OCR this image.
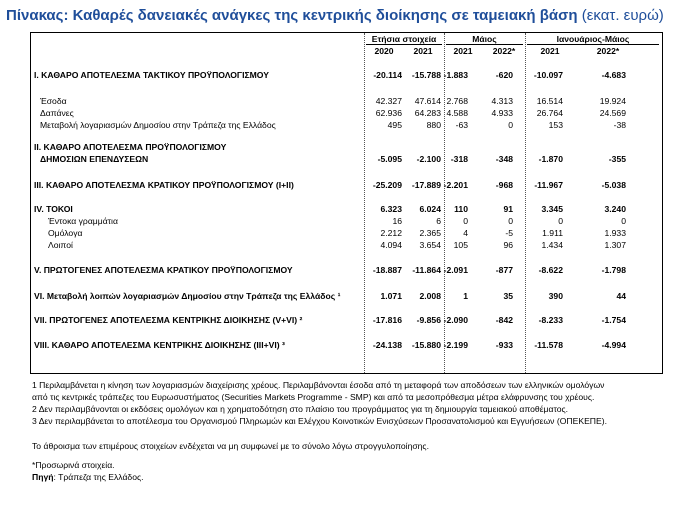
Πίνακας: Καθαρές δανειακές ανάγκες της κεντρικής διοίκησης σε ταμειακή βάση (εκατ. ευρώ)
Ετήσια στοιχεία	Μάιος	Ιανουάριος-Μάιος
2020	2021	2021	2022*	2021	2022*
I. ΚΑΘΑΡΟ ΑΠΟΤΕΛΕΣΜΑ ΤΑΚΤΙΚΟΥ ΠΡΟΫΠΟΛΟΓΙΣΜΟΥ	-20.114 -15.788 -1.883	-620 -10.097	-4.683
Έσοδα	42.327 47.614 2.768	4.313	16.514	19.924
Δαπάνες	62.936 64.283 4.588	4.933	26.764	24.569
Μεταβολή λογαριασμών Δημοσίου στην Τράπεζα της Ελλάδος	495	880 -63	0	153	-38
II. ΚΑΘΑΡΟ ΑΠΟΤΕΛΕΣΜΑ ΠΡΟΫΠΟΛΟΓΙΣΜΟΥ
ΔΗΜΟΣΙΩΝ ΕΠΕΝΔΥΣΕΩΝ	-5.095 -2.100 -318	-348	-1.870	-355
III. ΚΑΘΑΡΟ ΑΠΟΤΕΛΕΣΜΑ ΚΡΑΤΙΚΟΥ ΠΡΟΫΠΟΛΟΓΙΣΜΟΥ (I+II)	-25.209 -17.889 -2.201	-968 -11.967	-5.038
IV. ΤΟΚΟΙ	6.323 6.024 110	91	3.345	3.240
Έντοκα γραμμάτια	16	6	0	0	0	0
Ομόλογα	2.212 2.365	4	-5	1.911	1.933
Λοιποί	4.094 3.654 105	96	1.434	1.307
V. ΠΡΩΤΟΓΕΝΕΣ ΑΠΟΤΕΛΕΣΜΑ ΚΡΑΤΙΚΟΥ ΠΡΟΫΠΟΛΟΓΙΣΜΟΥ	-18.887 -11.864 -2.091	-877	-8.622	-1.798
VI. Μεταβολή λοιπών λογαριασμών Δημοσίου στην Τράπεζα της Ελλάδος ¹	1.071 2.008	1	35	390	44
VII. ΠΡΩΤΟΓΕΝΕΣ ΑΠΟΤΕΛΕΣΜΑ ΚΕΝΤΡΙΚΗΣ ΔΙΟΙΚΗΣΗΣ (V+VI) ²	-17.816 -9.856 -2.090	-842	-8.233	-1.754
VIII. ΚΑΘΑΡΟ ΑΠΟΤΕΛΕΣΜΑ ΚΕΝΤΡΙΚΗΣ ΔΙΟΙΚΗΣΗΣ (III+VI) ³	-24.138 -15.880 -2.199	-933 -11.578	-4.994
1 Περιλαμβάνεται η κίνηση των λογαριασμών διαχείρισης χρέους. Περιλαμβάνονται έσοδα από τη μεταφορά των αποδόσεων των ελληνικών ομολόγων
από τις κεντρικές τράπεζες του Ευρωσυστήματος (Securities Markets Programme - SMP) και από τα μεσοπρόθεσμα μέτρα ελάφρυνσης του χρέους.
2 Δεν περιλαμβάνονται οι εκδόσεις ομολόγων και η χρηματοδότηση στο πλαίσιο του προγράμματος για τη δημιουργία ταμειακού αποθέματος.
3 Δεν περιλαμβάνεται το αποτέλεσμα του Οργανισμού Πληρωμών και Ελέγχου Κοινοτικών Ενισχύσεων Προσανατολισμού και Εγγυήσεων (ΟΠΕΚΕΠΕ).
Το άθροισμα των επιμέρους στοιχείων ενδέχεται να μη συμφωνεί με το σύνολο λόγω στρογγυλοποίησης.
*Προσωρινά στοιχεία.
Πηγή: Τράπεζα της Ελλάδος.
